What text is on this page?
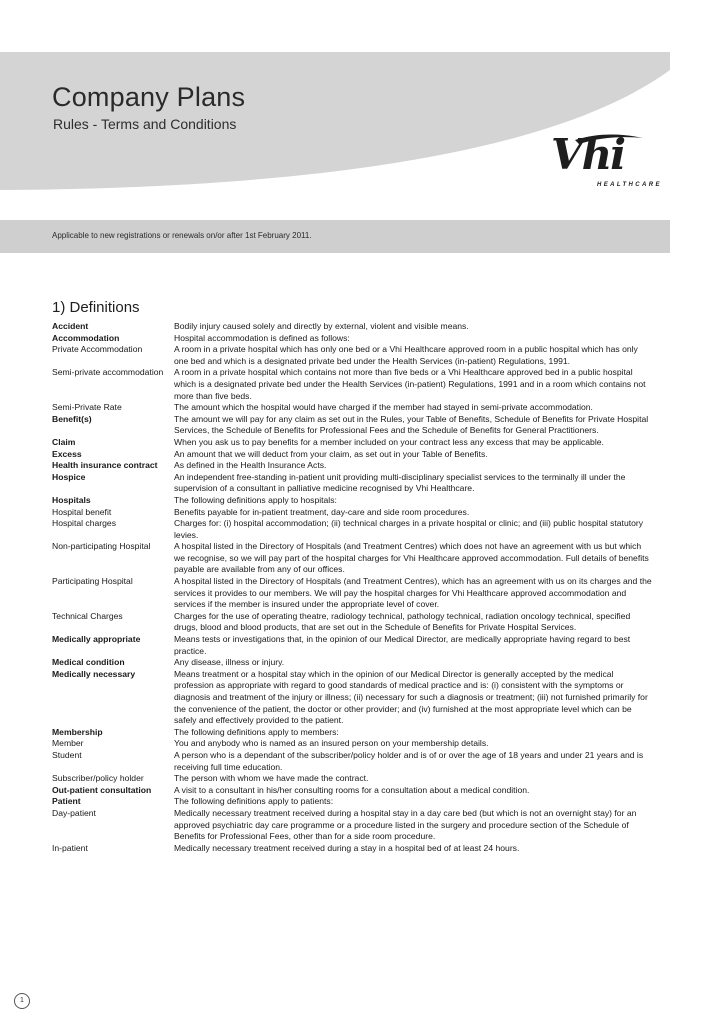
Company Plans

Rules - Terms and Conditions

Vhi
HEALTHCARE
Applicable to new registrations or renewals on/or after 1st February 2011.
1) Definitions
Accident	Bodily injury caused solely and directly by external, violent and visible means.
Accommodation	Hospital accommodation is defined as follows:
Private Accommodation	A room in a private hospital which has only one bed or a Vhi Healthcare approved room in a public hospital which has only one bed and which is a designated private bed under the Health Services (in-patient) Regulations, 1991.
Semi-private accommodation	A room in a private hospital which contains not more than five beds or a Vhi Healthcare approved bed in a public hospital which is a designated private bed under the Health Services (in-patient) Regulations, 1991 and in a room which contains not more than five beds.
Semi-Private Rate	The amount which the hospital would have charged if the member had stayed in semi-private accommodation.
Benefit(s)	The amount we will pay for any claim as set out in the Rules, your Table of Benefits, Schedule of Benefits for Private Hospital Services, the Schedule of Benefits for Professional Fees and the Schedule of Benefits for General Practitioners.
Claim	When you ask us to pay benefits for a member included on your contract less any excess that may be applicable.
Excess	An amount that we will deduct from your claim, as set out in your Table of Benefits.
Health insurance contract	As defined in the Health Insurance Acts.
Hospice	An independent free-standing in-patient unit providing multi-disciplinary specialist services to the terminally ill under the supervision of a consultant in palliative medicine recognised by Vhi Healthcare.
Hospitals	The following definitions apply to hospitals:
Hospital benefit	Benefits payable for in-patient treatment, day-care and side room procedures.
Hospital charges	Charges for: (i) hospital accommodation; (ii) technical charges in a private hospital or clinic; and (iii) public hospital statutory levies.
Non-participating Hospital	A hospital listed in the Directory of Hospitals (and Treatment Centres) which does not have an agreement with us but which we recognise, so we will pay part of the hospital charges for Vhi Healthcare approved accommodation. Full details of benefits payable are available from any of our offices.
Participating Hospital	A hospital listed in the Directory of Hospitals (and Treatment Centres), which has an agreement with us on its charges and the services it provides to our members. We will pay the hospital charges for Vhi Healthcare approved accommodation and services if the member is insured under the appropriate level of cover.
Technical Charges	Charges for the use of operating theatre, radiology technical, pathology technical, radiation oncology technical, specified drugs, blood and blood products, that are set out in the Schedule of Benefits for Private Hospital Services.
Medically appropriate	Means tests or investigations that, in the opinion of our Medical Director, are medically appropriate having regard to best practice.
Medical condition	Any disease, illness or injury.
Medically necessary	Means treatment or a hospital stay which in the opinion of our Medical Director is generally accepted by the medical profession as appropriate with regard to good standards of medical practice and is: (i) consistent with the symptoms or diagnosis and treatment of the injury or illness; (ii) necessary for such a diagnosis or treatment; (iii) not furnished primarily for the convenience of the patient, the doctor or other provider; and (iv) furnished at the most appropriate level which can be safely and effectively provided to the patient.
Membership	The following definitions apply to members:
Member	You and anybody who is named as an insured person on your membership details.
Student	A person who is a dependant of the subscriber/policy holder and is of or over the age of 18 years and under 21 years and is receiving full time education.
Subscriber/policy holder	The person with whom we have made the contract.
Out-patient consultation	A visit to a consultant in his/her consulting rooms for a consultation about a medical condition.
Patient	The following definitions apply to patients:
Day-patient	Medically necessary treatment received during a hospital stay in a day care bed (but which is not an overnight stay) for an approved psychiatric day care programme or a procedure listed in the surgery and procedure section of the Schedule of Benefits for Professional Fees, other than for a side room procedure.
In-patient	Medically necessary treatment received during a stay in a hospital bed of at least 24 hours.
1
